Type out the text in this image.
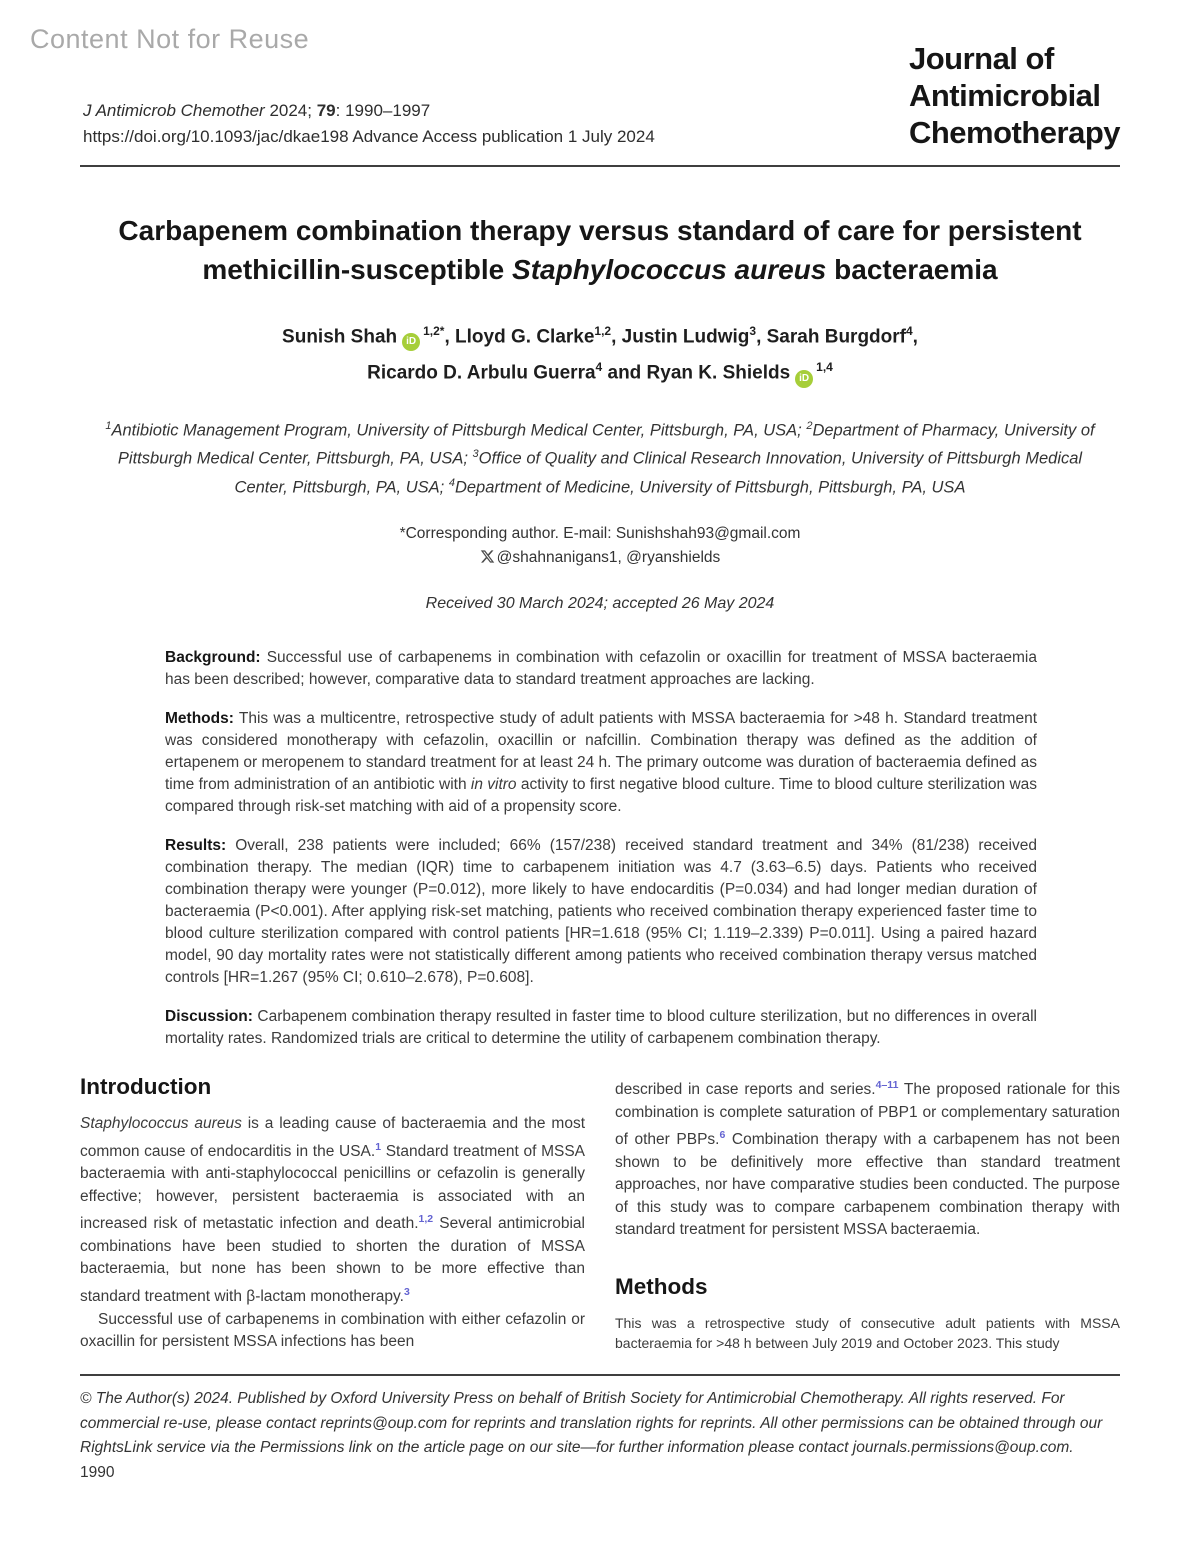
Content Not for Reuse
Journal of
Antimicrobial
Chemotherapy
J Antimicrob Chemother 2024; 79: 1990–1997
https://doi.org/10.1093/jac/dkae198 Advance Access publication 1 July 2024
Carbapenem combination therapy versus standard of care for persistent methicillin-susceptible Staphylococcus aureus bacteraemia
Sunish Shah $iD^{1,2*}$, Lloyd G. Clarke$^{1,2}$, Justin Ludwig$^3$, Sarah Burgdorf$^4$,
Ricardo D. Arbulu Guerra$^4$ and Ryan K. Shields iD$^{1,4}$
$^1$Antibiotic Management Program, University of Pittsburgh Medical Center, Pittsburgh, PA, USA; $^2$Department of Pharmacy, University of Pittsburgh Medical Center, Pittsburgh, PA, USA; $^3$Office of Quality and Clinical Research Innovation, University of Pittsburgh Medical Center, Pittsburgh, PA, USA; $^4$Department of Medicine, University of Pittsburgh, Pittsburgh, PA, USA
*Corresponding author. E-mail: Sunishshah93@gmail.com
@shahnanigans1, @ryanshields
Received 30 March 2024; accepted 26 May 2024

Background: Successful use of carbapenems in combination with cefazolin or oxacillin for treatment of MSSA bacteraemia has been described; however, comparative data to standard treatment approaches are lacking.

Methods: This was a multicentre, retrospective study of adult patients with MSSA bacteraemia for >48 h. Standard treatment was considered monotherapy with cefazolin, oxacillin or nafcillin. Combination therapy was defined as the addition of ertapenem or meropenem to standard treatment for at least 24 h. The primary outcome was duration of bacteraemia defined as time from administration of an antibiotic with in vitro activity to first negative blood culture. Time to blood culture sterilization was compared through risk-set matching with aid of a propensity score.

Results: Overall, 238 patients were included; 66% (157/238) received standard treatment and 34% (81/238) received combination therapy. The median (IQR) time to carbapenem initiation was 4.7 (3.63–6.5) days. Patients who received combination therapy were younger (P=0.012), more likely to have endocarditis (P=0.034) and had longer median duration of bacteraemia (P<0.001). After applying risk-set matching, patients who received combination therapy experienced faster time to blood culture sterilization compared with control patients [HR=1.618 (95% CI; 1.119–2.339) P=0.011]. Using a paired hazard model, 90 day mortality rates were not statistically different among patients who received combination therapy versus matched controls [HR=1.267 (95% CI; 0.610–2.678), P=0.608].

Discussion: Carbapenem combination therapy resulted in faster time to blood culture sterilization, but no differences in overall mortality rates. Randomized trials are critical to determine the utility of carbapenem combination therapy.

Introduction

Staphylococcus aureus is a leading cause of bacteraemia and the most common cause of endocarditis in the USA.$^1$ Standard treatment of MSSA bacteraemia with anti-staphylococcal penicillins or cefazolin is generally effective; however, persistent bacteraemia is associated with an increased risk of metastatic infection and death.$^{1,2}$ Several antimicrobial combinations have been studied to shorten the duration of MSSA bacteraemia, but none has been shown to be more effective than standard treatment with β-lactam monotherapy.$^3$

Successful use of carbapenems in combination with either cefazolin or oxacillin for persistent MSSA infections has been

described in case reports and series.$^{4-11}$ The proposed rationale for this combination is complete saturation of PBP1 or complementary saturation of other PBPs.$^6$ Combination therapy with a carbapenem has not been shown to be definitively more effective than standard treatment approaches, nor have comparative studies been conducted. The purpose of this study was to compare carbapenem combination therapy with standard treatment for persistent MSSA bacteraemia.

Methods

This was a retrospective study of consecutive adult patients with MSSA bacteraemia for >48 h between July 2019 and October 2023. This study

© The Author(s) 2024. Published by Oxford University Press on behalf of British Society for Antimicrobial Chemotherapy. All rights reserved. For commercial re-use, please contact reprints@oup.com for reprints and translation rights for reprints. All other permissions can be obtained through our RightsLink service via the Permissions link on the article page on our site—for further information please contact journals.permissions@oup.com.
1990
